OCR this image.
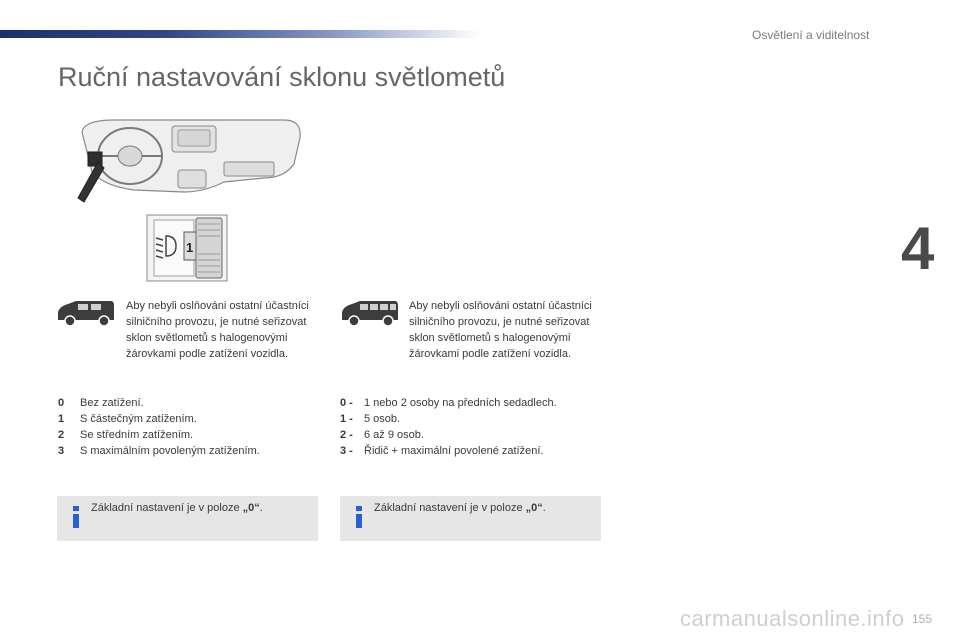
Osvětlení a viditelnost
Ruční nastavování sklonu světlometů
4
1
Aby nebyli oslňováni ostatní účastníci silničního provozu, je nutné seřizovat sklon světlometů s halogenovými žárovkami podle zatížení vozidla.
0	Bez zatížení.
1	S částečným zatížením.
2	Se středním zatížením.
3	S maximálním povoleným zatížením.
Základní nastavení je v poloze „0“.
Aby nebyli oslňováni ostatní účastníci silničního provozu, je nutné seřizovat sklon světlometů s halogenovými žárovkami podle zatížení vozidla.
0 -	1 nebo 2 osoby na předních sedadlech.
1 -	5 osob.
2 -	6 až 9 osob.
3 -	Řidič + maximální povolené zatížení.
Základní nastavení je v poloze „0“.
carmanualsonline.info 155
